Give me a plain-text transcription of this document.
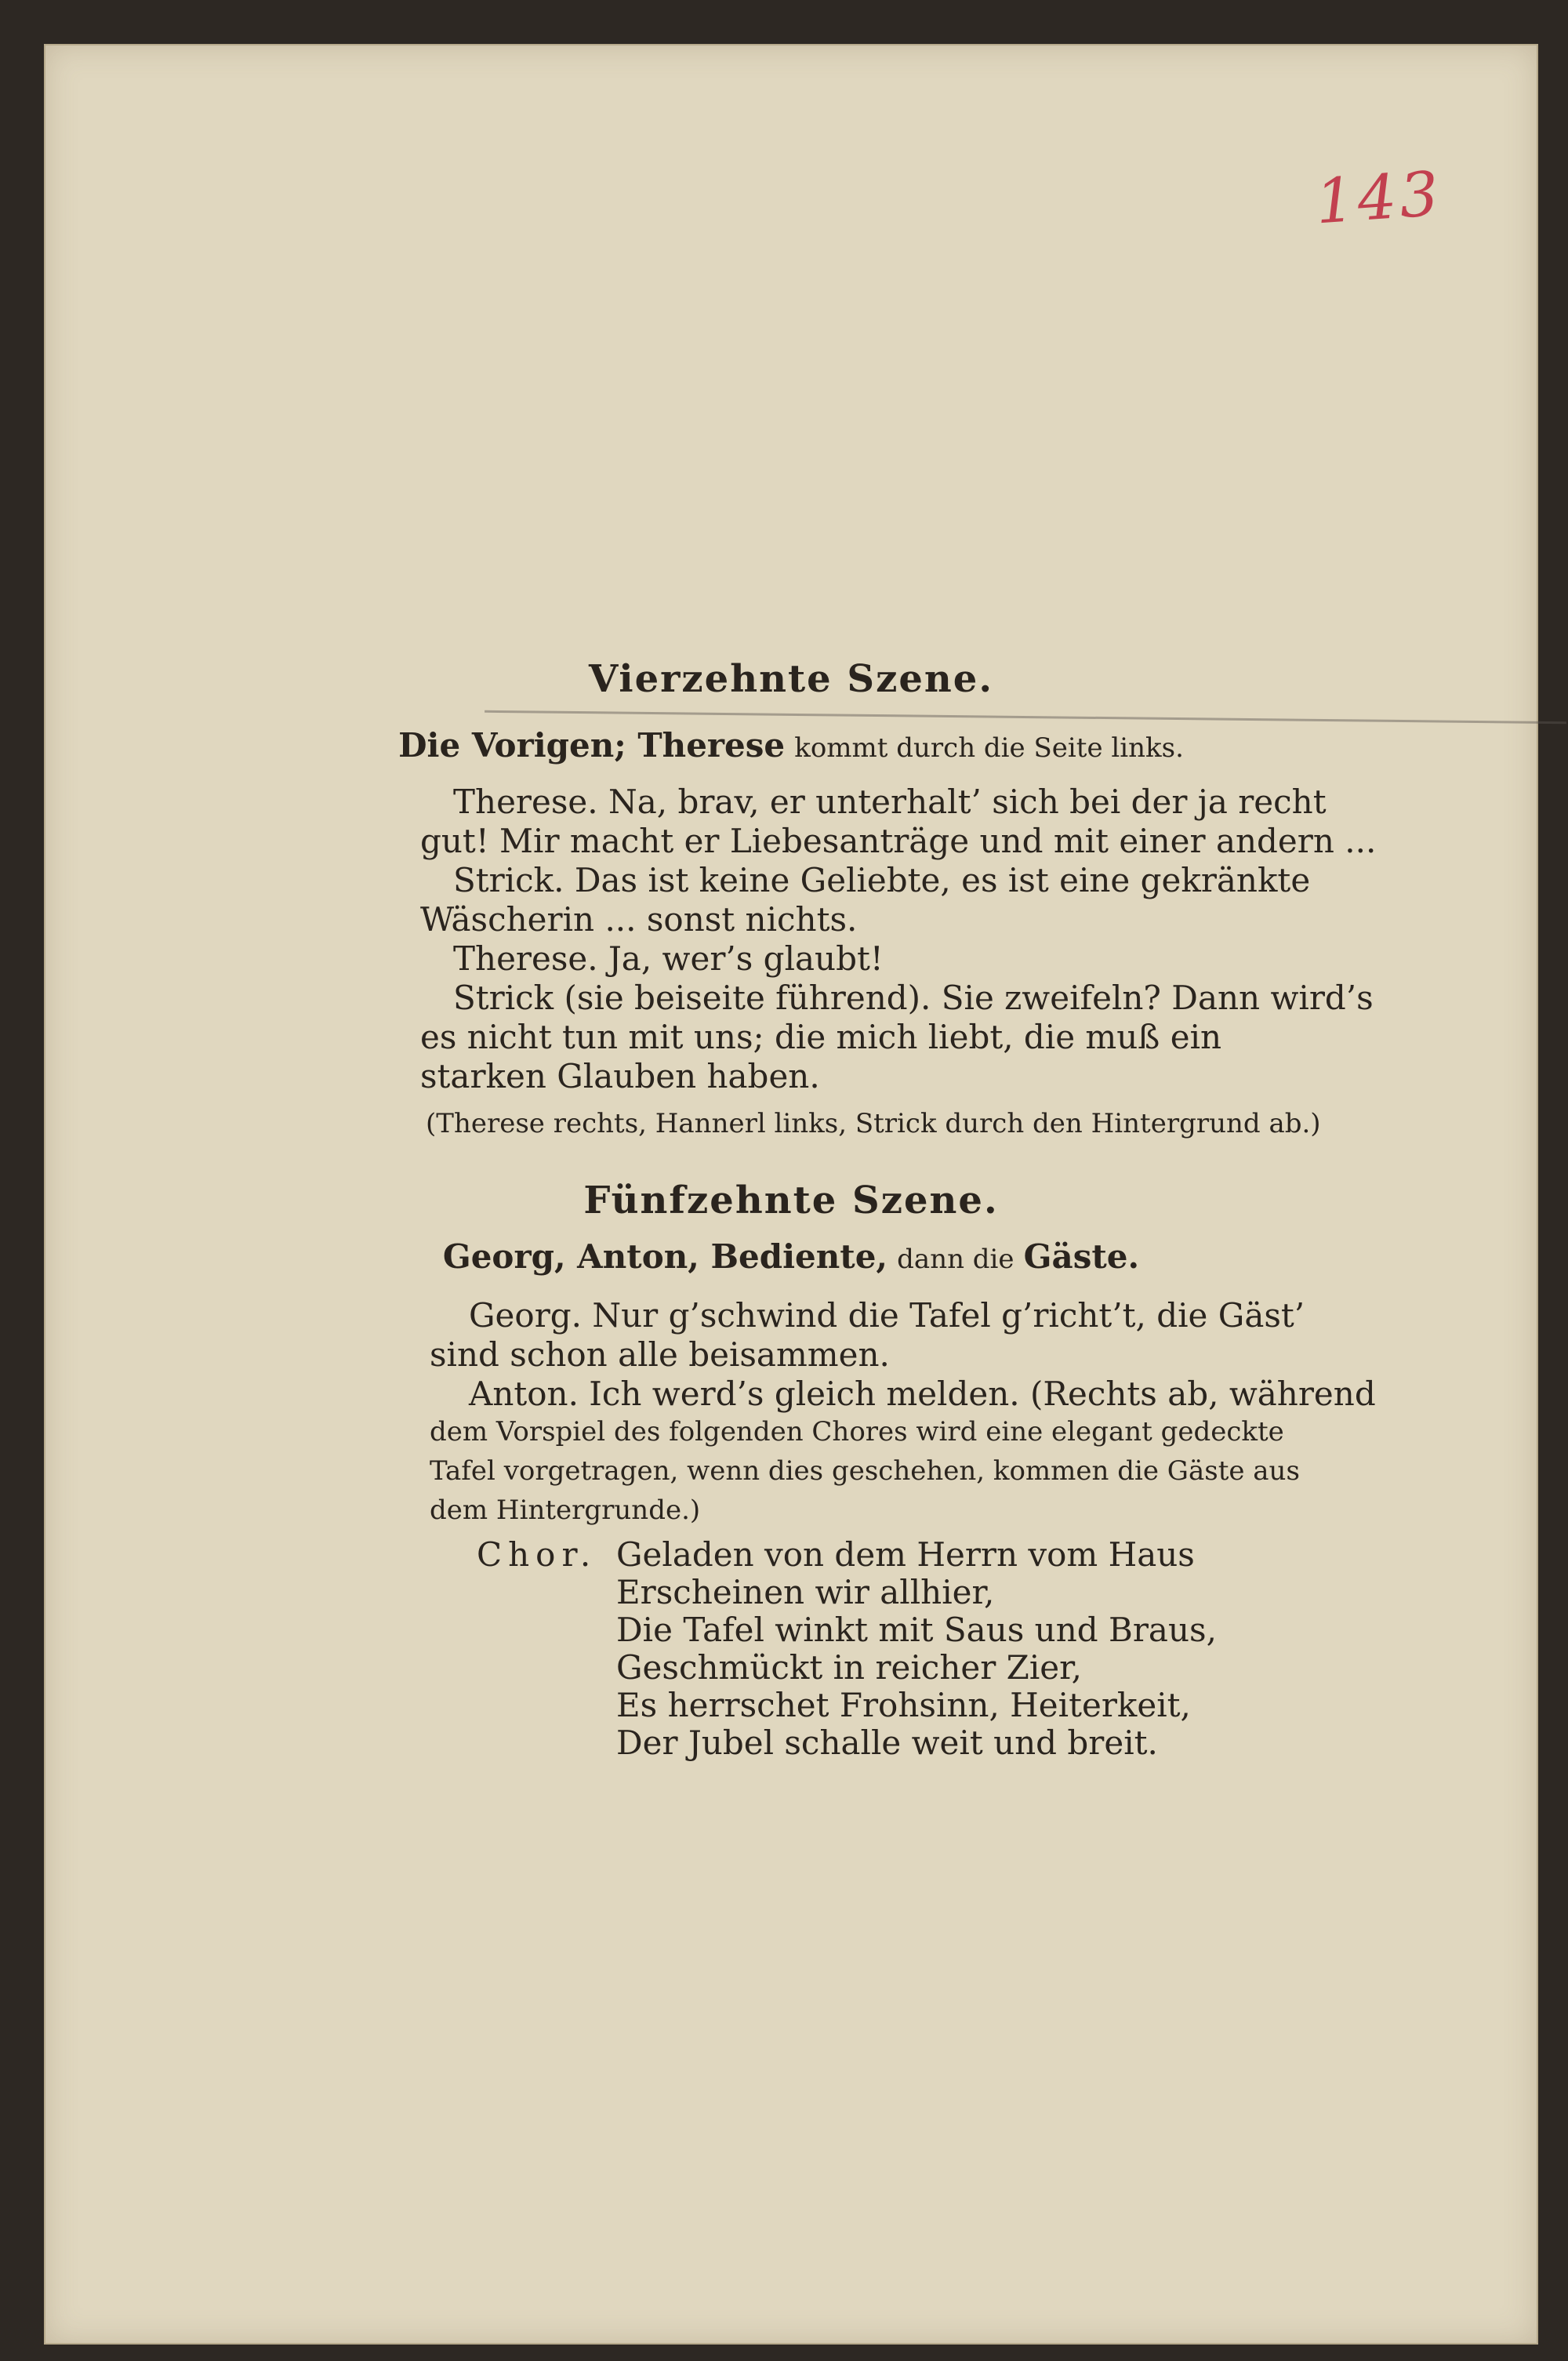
143
Vierzehnte Szene.
Die Vorigen; Therese kommt durch die Seite links.
Therese. Na, brav, er unterhalt’ sich bei der ja recht
gut! Mir macht er Liebesanträge und mit einer andern ...
Strick. Das ist keine Geliebte, es ist eine gekränkte
Wäscherin ... sonst nichts.
Therese. Ja, wer’s glaubt!
Strick (sie beiseite führend). Sie zweifeln? Dann wird’s
es nicht tun mit uns; die mich liebt, die muß ein
starken Glauben haben.
(Therese rechts, Hannerl links, Strick durch den Hintergrund ab.)
Fünfzehnte Szene.
Georg, Anton, Bediente, dann die Gäste.
Georg. Nur g’schwind die Tafel g’richt’t, die Gäst’
sind schon alle beisammen.
Anton. Ich werd’s gleich melden. (Rechts ab, während
dem Vorspiel des folgenden Chores wird eine elegant gedeckte
Tafel vorgetragen, wenn dies geschehen, kommen die Gäste aus
dem Hintergrunde.)
Chor. Geladen von dem Herrn vom Haus
Erscheinen wir allhier,
Die Tafel winkt mit Saus und Braus,
Geschmückt in reicher Zier,
Es herrschet Frohsinn, Heiterkeit,
Der Jubel schalle weit und breit.
